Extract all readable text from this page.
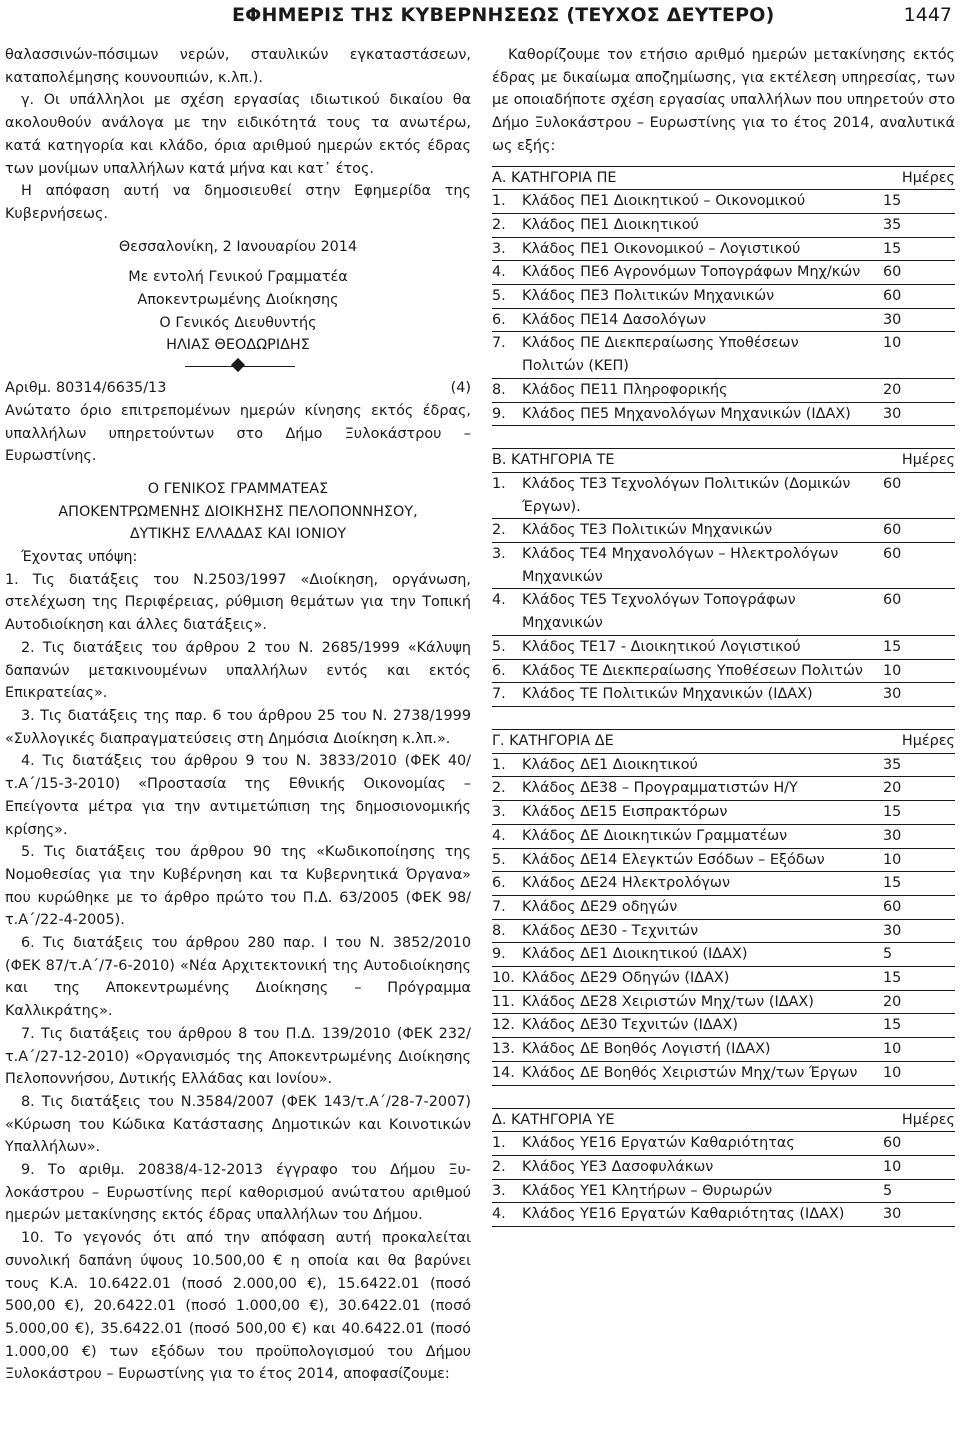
ΕΦΗΜΕΡΙΣ ΤΗΣ ΚΥΒΕΡΝΗΣΕΩΣ (ΤΕΥΧΟΣ ΔΕΥΤΕΡΟ)	1447

θαλασσινών-πόσιμων νερών, σταυλικών εγκαταστάσεων, καταπολέμησης κουνουπιών, κ.λπ.).

γ. Οι υπάλληλοι με σχέση εργασίας ιδιωτικού δικαίου θα ακολουθούν ανάλογα με την ειδικότητά τους τα ανωτέρω, κατά κατηγορία και κλάδο, όρια αριθμού ημερών εκτός έδρας των μονίμων υπαλλήλων κατά μήνα και κατ᾽ έτος.

Η απόφαση αυτή να δημοσιευθεί στην Εφημερίδα της Κυβερνήσεως.

Θεσσαλονίκη, 2 Ιανουαρίου 2014

Με εντολή Γενικού Γραμματέα

Αποκεντρωμένης Διοίκησης

Ο Γενικός Διευθυντής

ΗΛΙΑΣ ΘΕΟΔΩΡΙΔΗΣ

Αριθμ. 80314/6635/13	(4)

Ανώτατο όριο επιτρεπομένων ημερών κίνησης εκτός έδρας, υπαλλήλων υπηρετούντων στο Δήμο Ξυλοκάστρου – Ευρωστίνης.

Ο ΓΕΝΙΚΟΣ ΓΡΑΜΜΑΤΕΑΣ

ΑΠΟΚΕΝΤΡΩΜΕΝΗΣ ΔΙΟΙΚΗΣΗΣ ΠΕΛΟΠΟΝΝΗΣΟΥ,

ΔΥΤΙΚΗΣ ΕΛΛΑΔΑΣ ΚΑΙ ΙΟΝΙΟΥ

Έχοντας υπόψη:

1. Τις διατάξεις του Ν.2503/1997 «Διοίκηση, οργάνωση, στελέχωση της Περιφέρειας, ρύθμιση θεμάτων για την Τοπική Αυτοδιοίκηση και άλλες διατάξεις».

2. Τις διατάξεις του άρθρου 2 του Ν. 2685/1999 «Κάλυψη δαπανών μετακινουμένων υπαλλήλων εντός και εκτός Επικρατείας».

3. Τις διατάξεις της παρ. 6 του άρθρου 25 του Ν. 2738/1999 «Συλλογικές διαπραγματεύσεις στη Δημόσια Διοίκηση κ.λπ.».

4. Τις διατάξεις του άρθρου 9 του Ν. 3833/2010 (ΦΕΚ 40/τ.Α΄/15-3-2010) «Προστασία της Εθνικής Οικονομίας – Επείγοντα μέτρα για την αντιμετώπιση της δημοσιονομικής κρίσης».

5. Τις διατάξεις του άρθρου 90 της «Κωδικοποίησης της Νομοθεσίας για την Κυβέρνηση και τα Κυβερνητικά Όργανα» που κυρώθηκε με το άρθρο πρώτο του Π.Δ. 63/2005 (ΦΕΚ 98/τ.Α΄/22-4-2005).

6. Τις διατάξεις του άρθρου 280 παρ. Ι του Ν. 3852/2010 (ΦΕΚ 87/τ.Α΄/7-6-2010) «Νέα Αρχιτεκτονική της Αυτοδιοίκησης και της Αποκεντρωμένης Διοίκησης – Πρόγραμμα Καλλικράτης».

7. Τις διατάξεις του άρθρου 8 του Π.Δ. 139/2010 (ΦΕΚ 232/τ.Α΄/27-12-2010) «Οργανισμός της Αποκεντρωμένης Διοίκησης Πελοποννήσου, Δυτικής Ελλάδας και Ιονίου».

8. Τις διατάξεις του Ν.3584/2007 (ΦΕΚ 143/τ.Α΄/28-7-2007) «Κύρωση του Κώδικα Κατάστασης Δημοτικών και Κοινοτικών Υπαλλήλων».

9. Το αριθμ. 20838/4-12-2013 έγγραφο του Δήμου Ξυλοκάστρου – Ευρωστίνης περί καθορισμού ανώτατου αριθμού ημερών μετακίνησης εκτός έδρας υπαλλήλων του Δήμου.

10. Το γεγονός ότι από την απόφαση αυτή προκαλείται συνολική δαπάνη ύψους 10.500,00 € η οποία και θα βαρύνει τους Κ.Α. 10.6422.01 (ποσό 2.000,00 €), 15.6422.01 (ποσό 500,00 €), 20.6422.01 (ποσό 1.000,00 €), 30.6422.01 (ποσό 5.000,00 €), 35.6422.01 (ποσό 500,00 €) και 40.6422.01 (ποσό 1.000,00 €) των εξόδων του προϋπολογισμού του Δήμου Ξυλοκάστρου – Ευρωστίνης για το έτος 2014, αποφασίζουμε:

Καθορίζουμε τον ετήσιο αριθμό ημερών μετακίνησης εκτός έδρας με δικαίωμα αποζημίωσης, για εκτέλεση υπηρεσίας, των με οποιαδήποτε σχέση εργασίας υπαλλήλων που υπηρετούν στο Δήμο Ξυλοκάστρου – Ευρωστίνης για το έτος 2014, αναλυτικά ως εξής:

Α. ΚΑΤΗΓΟΡΙΑ ΠΕ		Ημέρες
1.	Κλάδος ΠΕ1 Διοικητικού – Οικονομικού	15
2.	Κλάδος ΠΕ1 Διοικητικού	35
3.	Κλάδος ΠΕ1 Οικονομικού – Λογιστικού	15
4.	Κλάδος ΠΕ6 Αγρονόμων Τοπογράφων Μηχ/κών	60
5.	Κλάδος ΠΕ3 Πολιτικών Μηχανικών	60
6.	Κλάδος ΠΕ14 Δασολόγων	30
7.	Κλάδος ΠΕ Διεκπεραίωσης Υποθέσεων Πολιτών (ΚΕΠ)	10
8.	Κλάδος ΠΕ11 Πληροφορικής	20
9.	Κλάδος ΠΕ5 Μηχανολόγων Μηχανικών (ΙΔΑΧ)	30
Β. ΚΑΤΗΓΟΡΙΑ ΤΕ		Ημέρες
1.	Κλάδος ΤΕ3 Τεχνολόγων Πολιτικών (Δομικών Έργων).	60
2.	Κλάδος ΤΕ3 Πολιτικών Μηχανικών	60
3.	Κλάδος ΤΕ4 Μηχανολόγων – Ηλεκτρολόγων Μηχανικών	60
4.	Κλάδος ΤΕ5 Τεχνολόγων Τοπογράφων Μηχανικών	60
5.	Κλάδος ΤΕ17 - Διοικητικού Λογιστικού	15
6.	Κλάδος ΤΕ Διεκπεραίωσης Υποθέσεων Πολιτών	10
7.	Κλάδος ΤΕ Πολιτικών Μηχανικών (ΙΔΑΧ)	30
Γ. ΚΑΤΗΓΟΡΙΑ ΔΕ		Ημέρες
1.	Κλάδος ΔΕ1 Διοικητικού	35
2.	Κλάδος ΔΕ38 – Προγραμματιστών Η/Υ	20
3.	Κλάδος ΔΕ15 Εισπρακτόρων	15
4.	Κλάδος ΔΕ Διοικητικών Γραμματέων	30
5.	Κλάδος ΔΕ14 Ελεγκτών Εσόδων – Εξόδων	10
6.	Κλάδος ΔΕ24 Ηλεκτρολόγων	15
7.	Κλάδος ΔΕ29 οδηγών	60
8.	Κλάδος ΔΕ30 - Τεχνιτών	30
9.	Κλάδος ΔΕ1 Διοικητικού (ΙΔΑΧ)	5
10.	Κλάδος ΔΕ29 Οδηγών (ΙΔΑΧ)	15
11.	Κλάδος ΔΕ28 Χειριστών Μηχ/των (ΙΔΑΧ)	20
12.	Κλάδος ΔΕ30 Τεχνιτών (ΙΔΑΧ)	15
13.	Κλάδος ΔΕ Βοηθός Λογιστή (ΙΔΑΧ)	10
14.	Κλάδος ΔΕ Βοηθός Χειριστών Μηχ/των Έργων	10
Δ. ΚΑΤΗΓΟΡΙΑ ΥΕ		Ημέρες
1.	Κλάδος ΥΕ16 Εργατών Καθαριότητας	60
2.	Κλάδος ΥΕ3 Δασοφυλάκων	10
3.	Κλάδος ΥΕ1 Κλητήρων – Θυρωρών	5
4.	Κλάδος ΥΕ16 Εργατών Καθαριότητας (ΙΔΑΧ)	30
